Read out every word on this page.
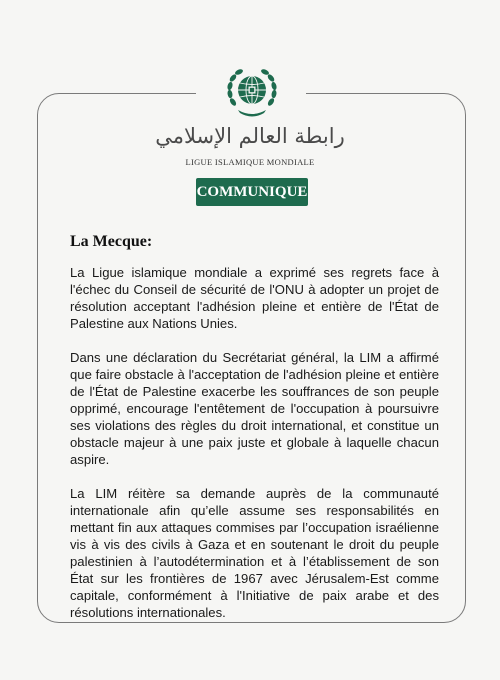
رابطة العالم الإسلامي
LIGUE ISLAMIQUE MONDIALE
COMMUNIQUE
La Mecque:

La Ligue islamique mondiale a exprimé ses regrets face à l'échec du Conseil de sécurité de l'ONU à adopter un projet de résolution acceptant l'adhésion pleine et entière de l'État de Palestine aux Nations Unies.

Dans une déclaration du Secrétariat général, la LIM a affirmé que faire obstacle à l'acceptation de l'adhésion pleine et entière de l'État de Palestine exacerbe les souffrances de son peuple opprimé, encourage l'entêtement de l'occupation à poursuivre ses violations des règles du droit international, et constitue un obstacle majeur à une paix juste et globale à laquelle chacun aspire.

La LIM réitère sa demande auprès de la communauté internationale afin qu’elle assume ses responsabilités en mettant fin aux attaques commises par l’occupation israélienne vis à vis des civils à Gaza et en soutenant le droit du peuple palestinien à l’autodétermination et à l’établissement de son État sur les frontières de 1967 avec Jérusalem-Est comme capitale, conformément à l'Initiative de paix arabe et des résolutions internationales.
